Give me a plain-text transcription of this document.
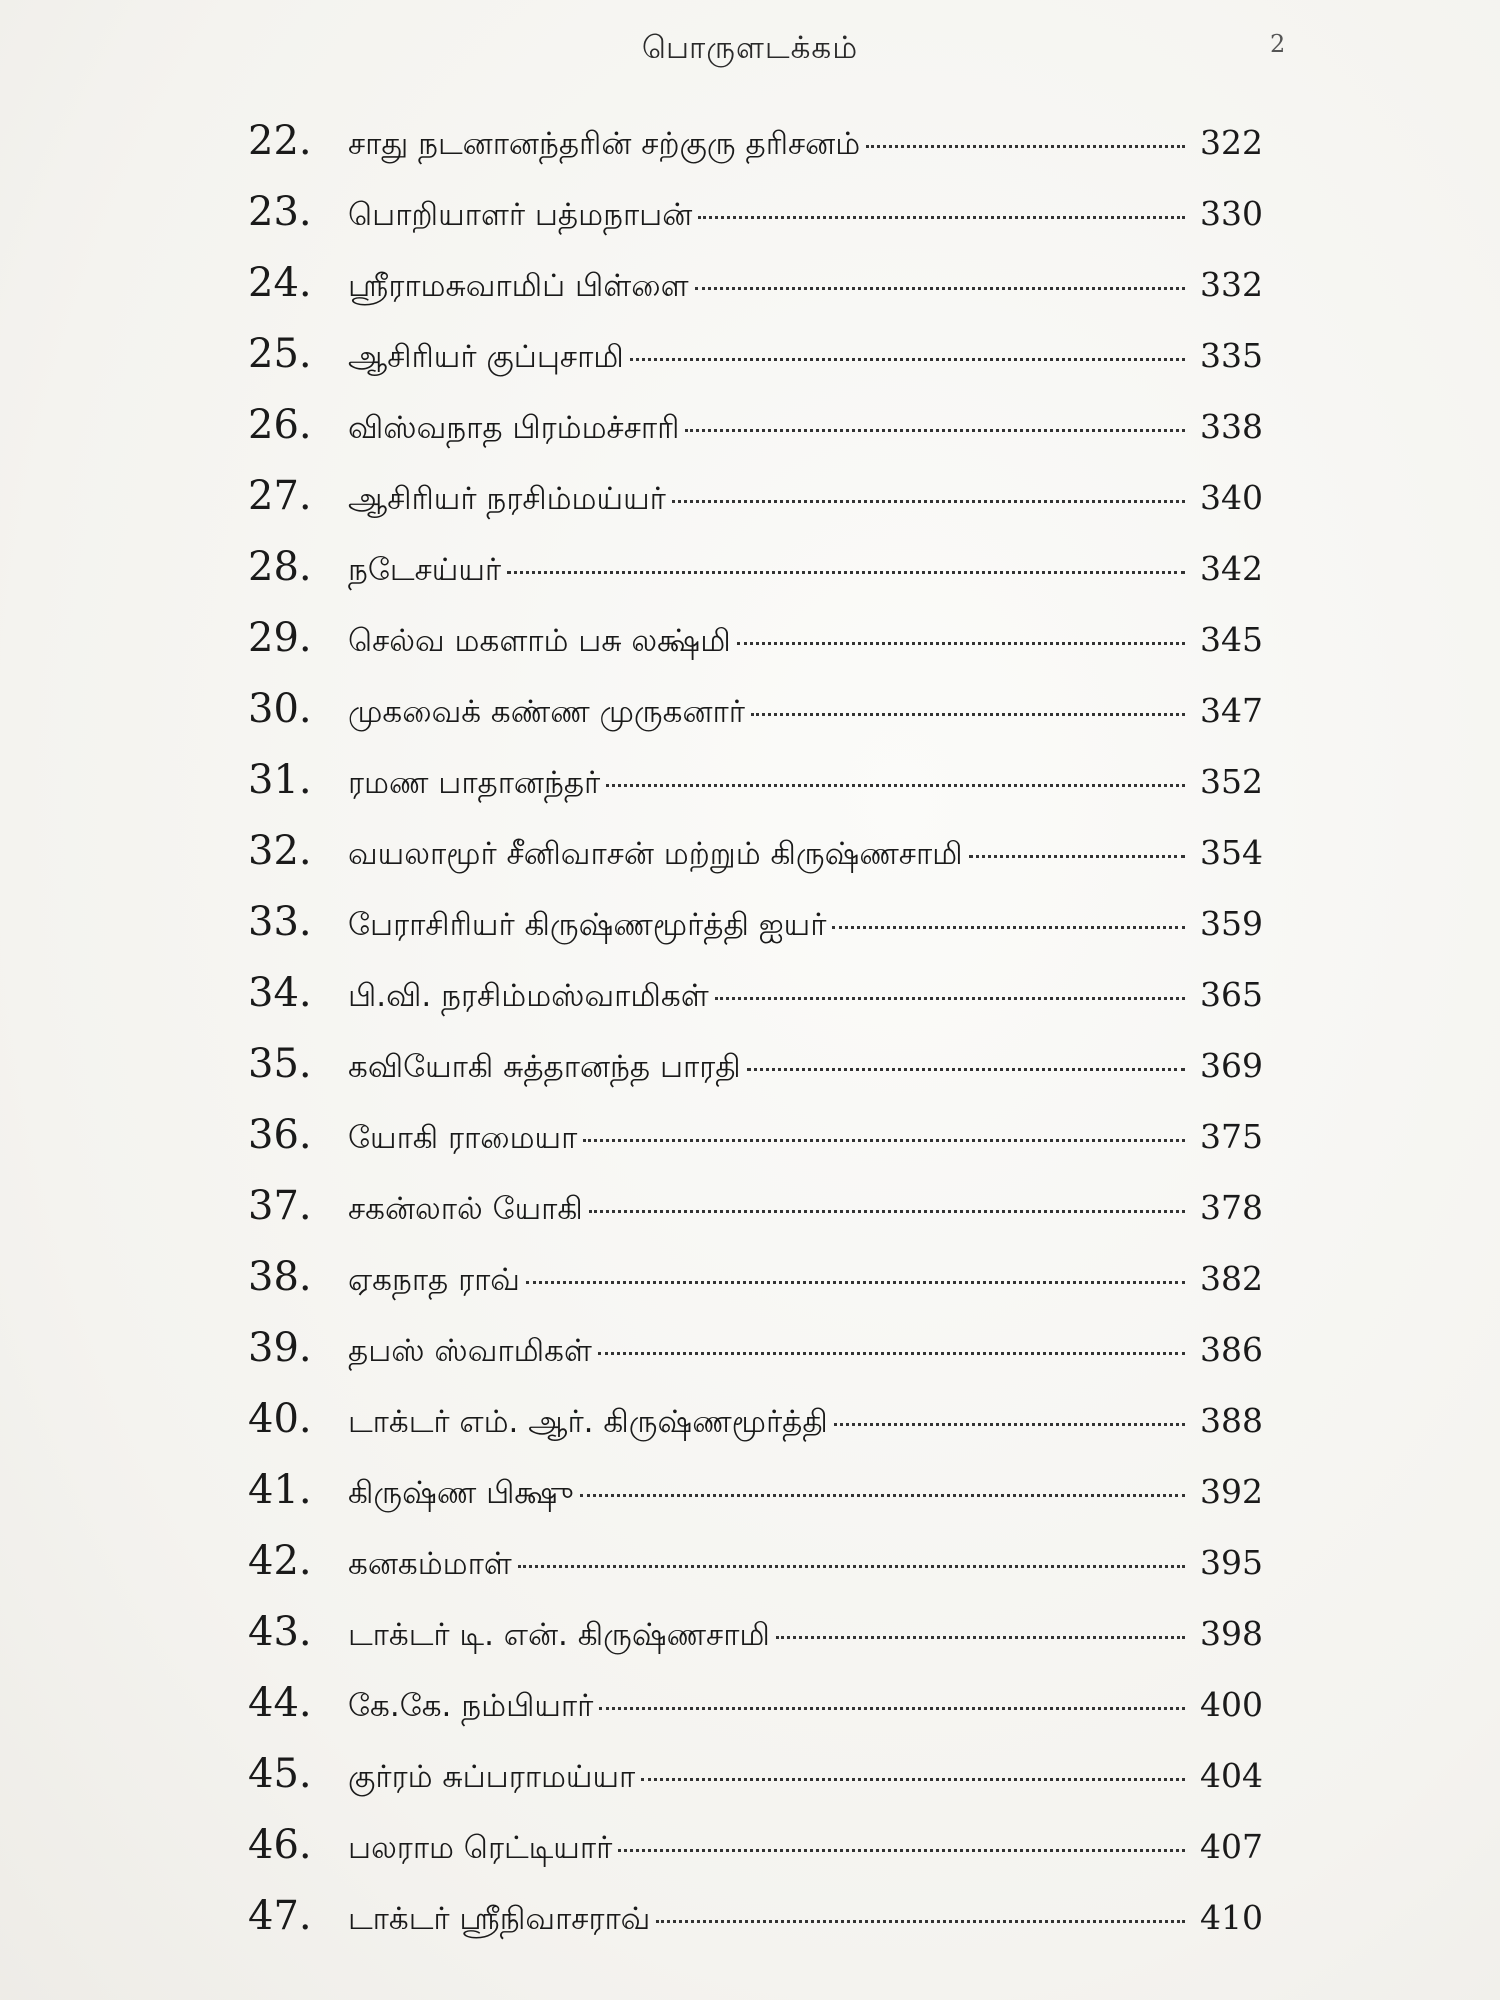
பொருளடக்கம்	2
22.	சாது நடனானந்தரின் சற்குரு தரிசனம்	322
23.	பொறியாளர் பத்மநாபன்	330
24.	ஸ்ரீராமசுவாமிப் பிள்ளை	332
25.	ஆசிரியர் குப்புசாமி	335
26.	விஸ்வநாத பிரம்மச்சாரி	338
27.	ஆசிரியர் நரசிம்மய்யர்	340
28.	நடேசய்யர்	342
29.	செல்வ மகளாம் பசு லக்ஷ்மி	345
30.	முகவைக் கண்ண முருகனார்	347
31.	ரமண பாதானந்தர்	352
32.	வயலாமூர் சீனிவாசன் மற்றும் கிருஷ்ணசாமி	354
33.	பேராசிரியர் கிருஷ்ணமூர்த்தி ஐயர்	359
34.	பி.வி. நரசிம்மஸ்வாமிகள்	365
35.	கவியோகி சுத்தானந்த பாரதி	369
36.	யோகி ராமையா	375
37.	சகன்லால் யோகி	378
38.	ஏகநாத ராவ்	382
39.	தபஸ் ஸ்வாமிகள்	386
40.	டாக்டர் எம். ஆர். கிருஷ்ணமூர்த்தி	388
41.	கிருஷ்ண பிக்ஷு	392
42.	கனகம்மாள்	395
43.	டாக்டர் டி. என். கிருஷ்ணசாமி	398
44.	கே.கே. நம்பியார்	400
45.	குர்ரம் சுப்பராமய்யா	404
46.	பலராம ரெட்டியார்	407
47.	டாக்டர் ஸ்ரீநிவாசராவ்	410
